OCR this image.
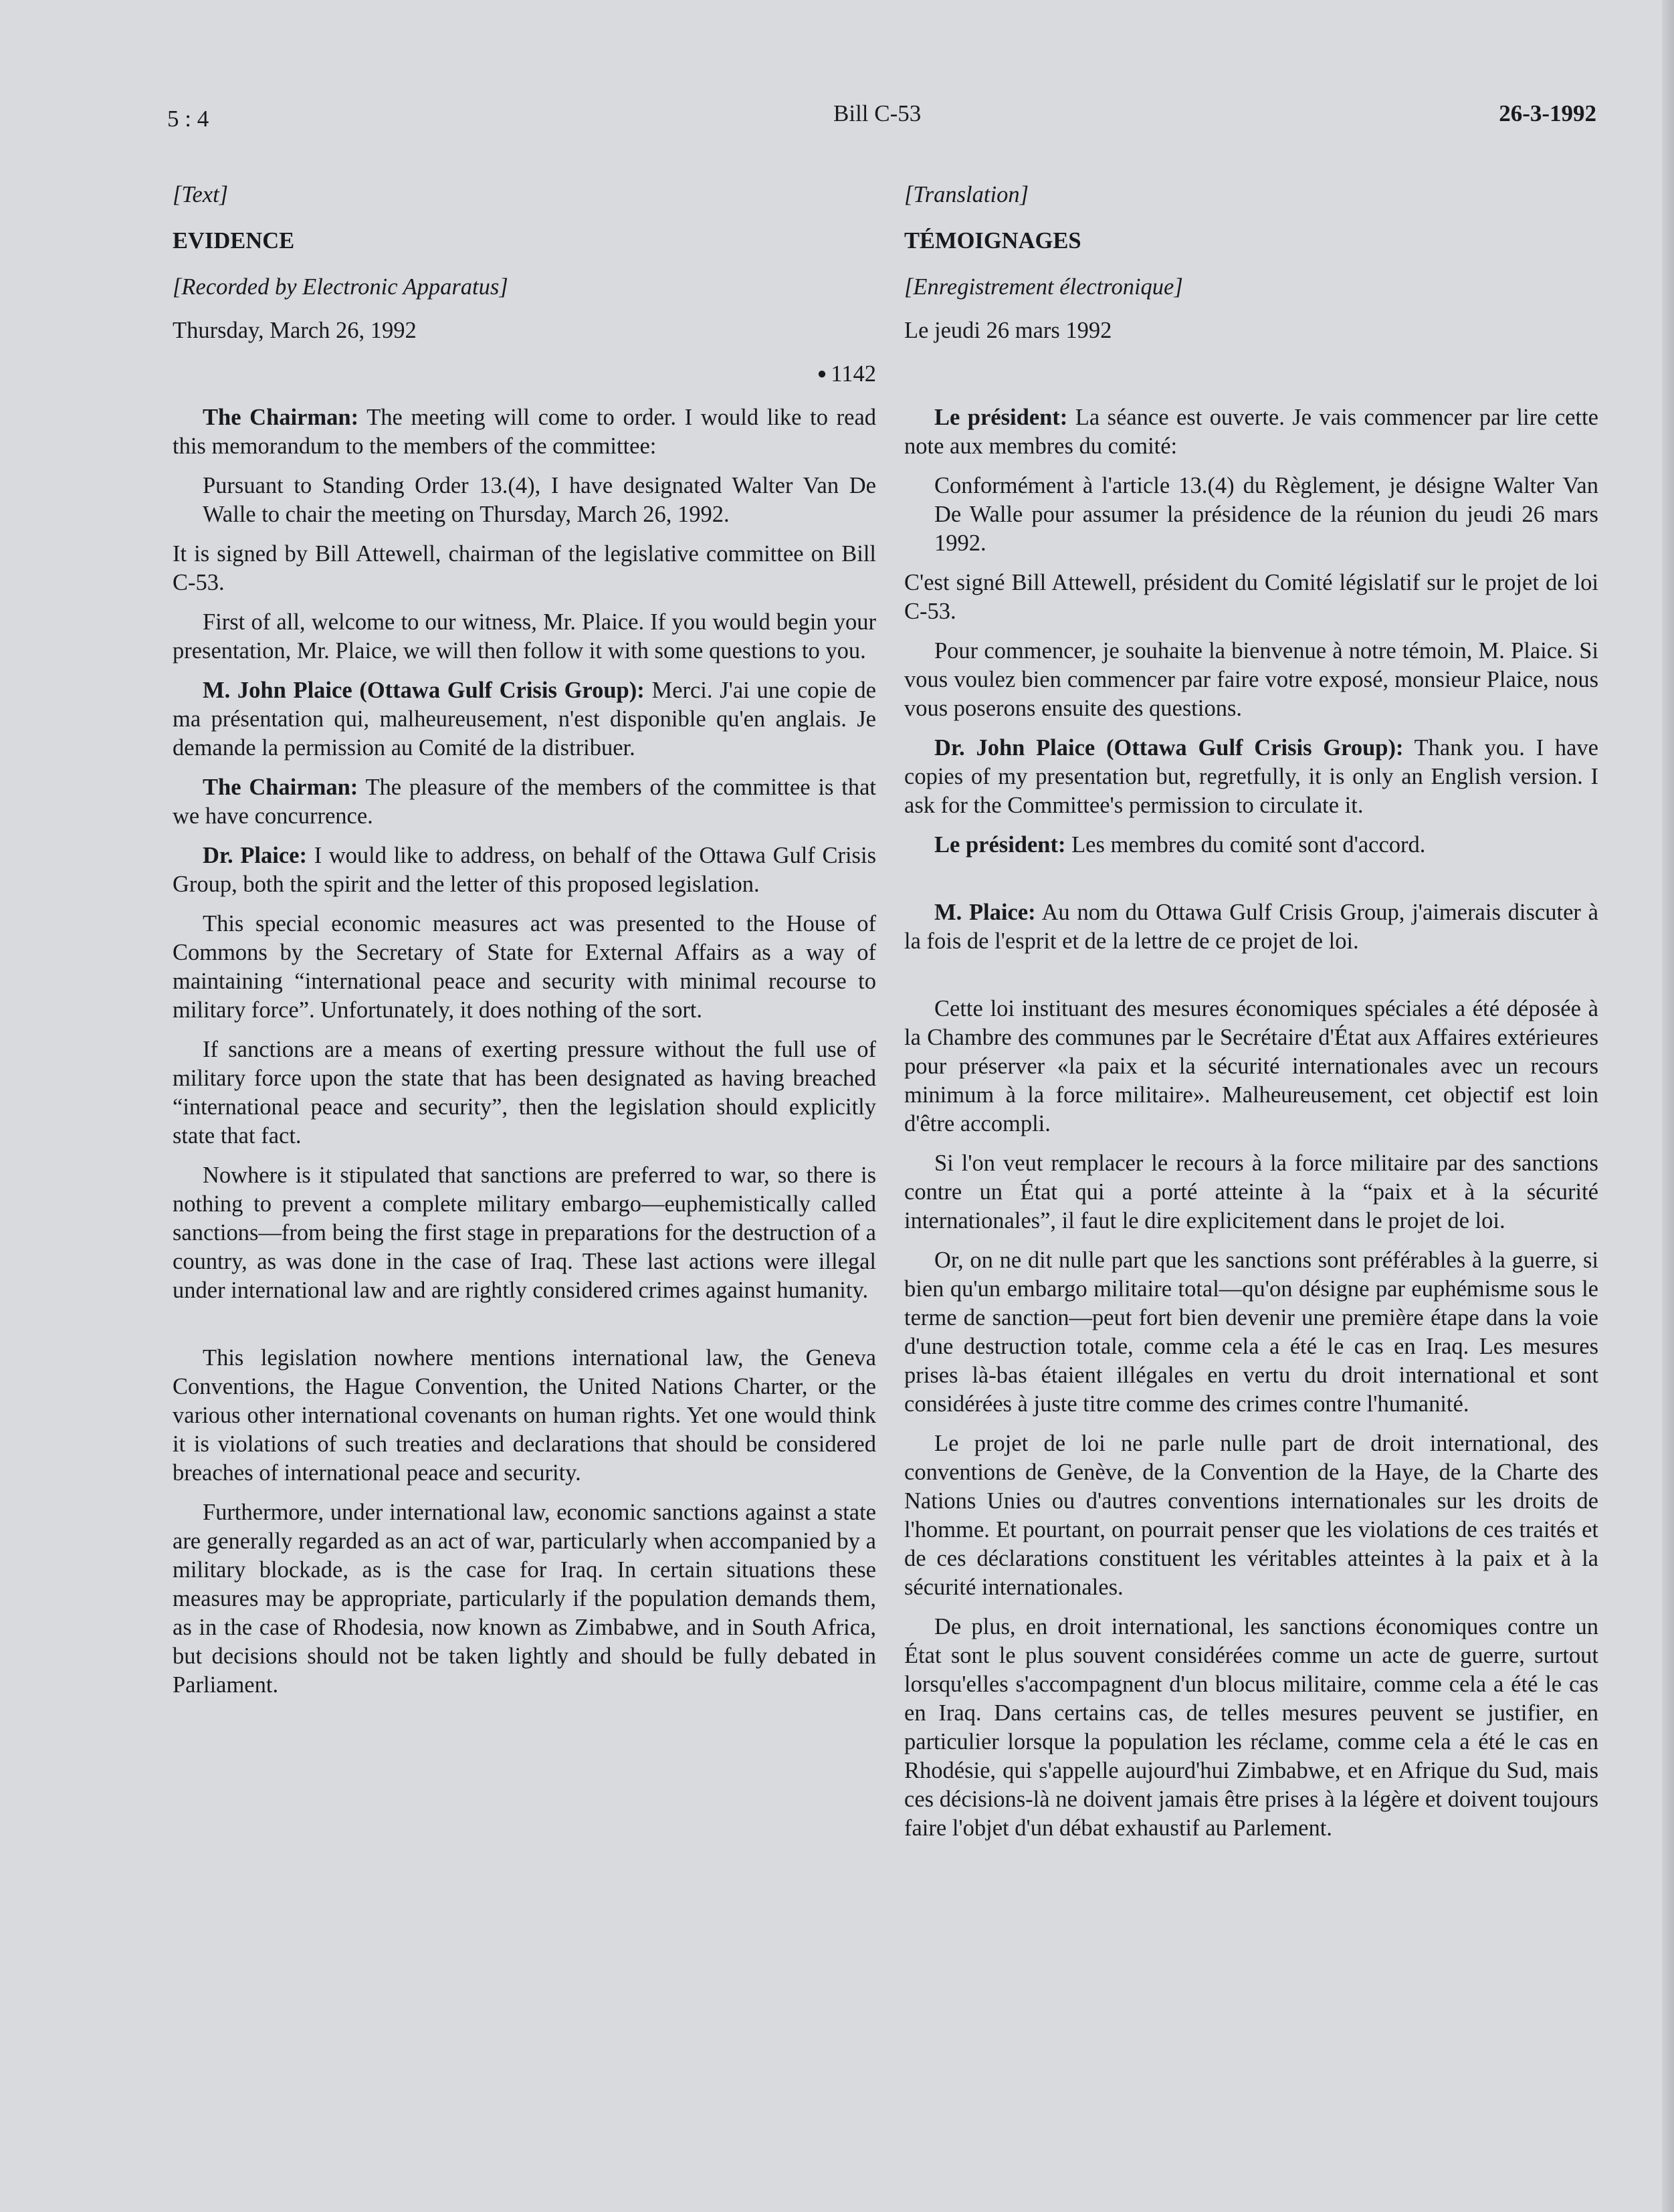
5 : 4	Bill C-53	26-3-1992
[Text]
EVIDENCE
[Recorded by Electronic Apparatus]
Thursday, March 26, 1992
● 1142

The Chairman: The meeting will come to order. I would like to read this memorandum to the members of the committee:

Pursuant to Standing Order 13.(4), I have designated Walter Van De Walle to chair the meeting on Thursday, March 26, 1992.

It is signed by Bill Attewell, chairman of the legislative committee on Bill C-53.

First of all, welcome to our witness, Mr. Plaice. If you would begin your presentation, Mr. Plaice, we will then follow it with some questions to you.

M. John Plaice (Ottawa Gulf Crisis Group): Merci. J'ai une copie de ma présentation qui, malheureusement, n'est disponible qu'en anglais. Je demande la permission au Comité de la distribuer.

The Chairman: The pleasure of the members of the committee is that we have concurrence.

Dr. Plaice: I would like to address, on behalf of the Ottawa Gulf Crisis Group, both the spirit and the letter of this proposed legislation.

This special economic measures act was presented to the House of Commons by the Secretary of State for External Affairs as a way of maintaining “international peace and security with minimal recourse to military force”. Unfortunately, it does nothing of the sort.

If sanctions are a means of exerting pressure without the full use of military force upon the state that has been designated as having breached “international peace and security”, then the legislation should explicitly state that fact.

Nowhere is it stipulated that sanctions are preferred to war, so there is nothing to prevent a complete military embargo—euphemistically called sanctions—from being the first stage in preparations for the destruction of a country, as was done in the case of Iraq. These last actions were illegal under international law and are rightly considered crimes against humanity.

This legislation nowhere mentions international law, the Geneva Conventions, the Hague Convention, the United Nations Charter, or the various other international covenants on human rights. Yet one would think it is violations of such treaties and declarations that should be considered breaches of international peace and security.

Furthermore, under international law, economic sanctions against a state are generally regarded as an act of war, particularly when accompanied by a military blockade, as is the case for Iraq. In certain situations these measures may be appropriate, particularly if the population demands them, as in the case of Rhodesia, now known as Zimbabwe, and in South Africa, but decisions should not be taken lightly and should be fully debated in Parliament.

[Translation]
TÉMOIGNAGES
[Enregistrement électronique]
Le jeudi 26 mars 1992

Le président: La séance est ouverte. Je vais commencer par lire cette note aux membres du comité:

Conformément à l'article 13.(4) du Règlement, je désigne Walter Van De Walle pour assumer la présidence de la réunion du jeudi 26 mars 1992.

C'est signé Bill Attewell, président du Comité législatif sur le projet de loi C-53.

Pour commencer, je souhaite la bienvenue à notre témoin, M. Plaice. Si vous voulez bien commencer par faire votre exposé, monsieur Plaice, nous vous poserons ensuite des questions.

Dr. John Plaice (Ottawa Gulf Crisis Group): Thank you. I have copies of my presentation but, regretfully, it is only an English version. I ask for the Committee's permission to circulate it.

Le président: Les membres du comité sont d'accord.

M. Plaice: Au nom du Ottawa Gulf Crisis Group, j'aimerais discuter à la fois de l'esprit et de la lettre de ce projet de loi.

Cette loi instituant des mesures économiques spéciales a été déposée à la Chambre des communes par le Secrétaire d'État aux Affaires extérieures pour préserver «la paix et la sécurité internationales avec un recours minimum à la force militaire». Malheureusement, cet objectif est loin d'être accompli.

Si l'on veut remplacer le recours à la force militaire par des sanctions contre un État qui a porté atteinte à la “paix et à la sécurité internationales”, il faut le dire explicitement dans le projet de loi.

Or, on ne dit nulle part que les sanctions sont préférables à la guerre, si bien qu'un embargo militaire total—qu'on désigne par euphémisme sous le terme de sanction—peut fort bien devenir une première étape dans la voie d'une destruction totale, comme cela a été le cas en Iraq. Les mesures prises là-bas étaient illégales en vertu du droit international et sont considérées à juste titre comme des crimes contre l'humanité.

Le projet de loi ne parle nulle part de droit international, des conventions de Genève, de la Convention de la Haye, de la Charte des Nations Unies ou d'autres conventions internationales sur les droits de l'homme. Et pourtant, on pourrait penser que les violations de ces traités et de ces déclarations constituent les véritables atteintes à la paix et à la sécurité internationales.

De plus, en droit international, les sanctions économiques contre un État sont le plus souvent considérées comme un acte de guerre, surtout lorsqu'elles s'accompagnent d'un blocus militaire, comme cela a été le cas en Iraq. Dans certains cas, de telles mesures peuvent se justifier, en particulier lorsque la population les réclame, comme cela a été le cas en Rhodésie, qui s'appelle aujourd'hui Zimbabwe, et en Afrique du Sud, mais ces décisions-là ne doivent jamais être prises à la légère et doivent toujours faire l'objet d'un débat exhaustif au Parlement.
